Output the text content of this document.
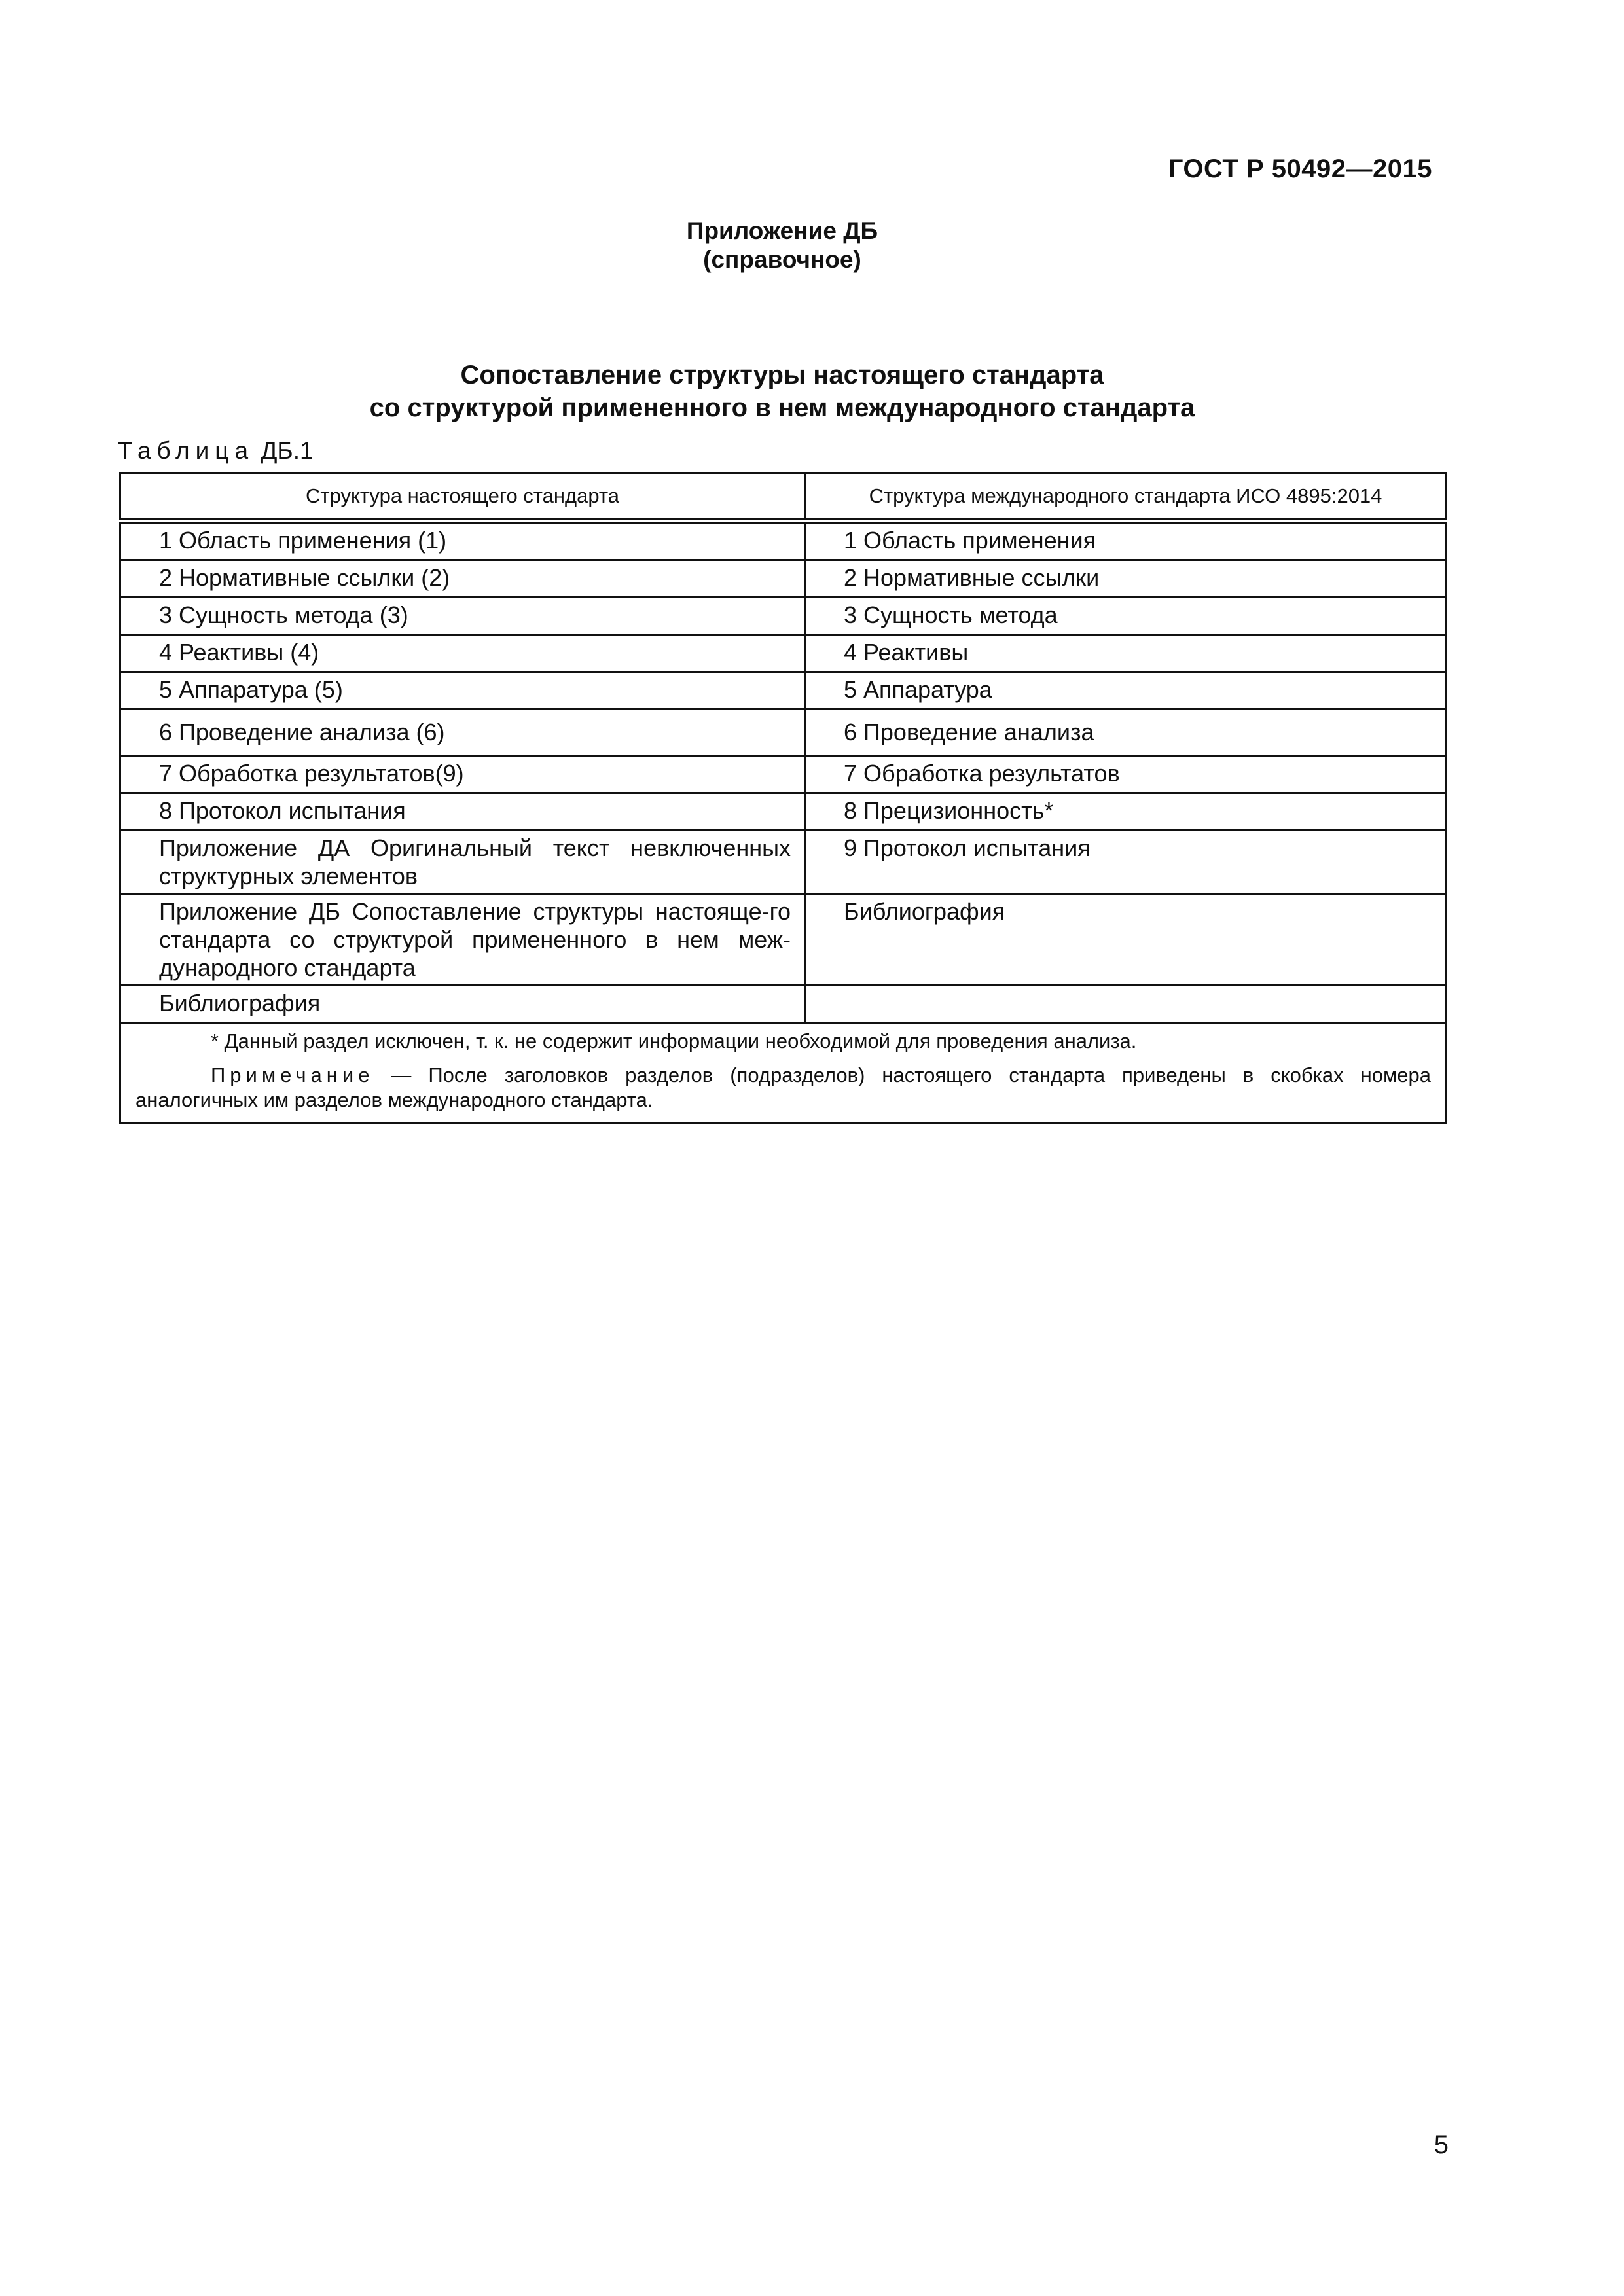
ГОСТ Р 50492—2015
Приложение ДБ
(справочное)
Сопоставление структуры настоящего стандарта
со структурой примененного в нем международного стандарта
Таблица ДБ.1
Структура настоящего стандарта	Структура международного стандарта ИСО 4895:2014
1 Область применения (1)	1 Область применения
2 Нормативные ссылки (2)	2 Нормативные ссылки
3 Сущность метода (3)	3 Сущность метода
4 Реактивы (4)	4 Реактивы
5 Аппаратура (5)	5 Аппаратура
6 Проведение анализа (6)	6 Проведение анализа
7 Обработка результатов(9)	7 Обработка результатов
8 Протокол испытания	8 Прецизионность*
Приложение ДА Оригинальный текст невключенных структурных элементов	9 Протокол испытания
Приложение ДБ Сопоставление структуры настояще-го стандарта со структурой примененного в нем меж-дународного стандарта	Библиография
Библиография	

* Данный раздел исключен, т. к. не содержит информации необходимой для проведения анализа.
Примечание — После заголовков разделов (подразделов) настоящего стандарта приведены в скобках номера аналогичных им разделов международного стандарта.	
5
